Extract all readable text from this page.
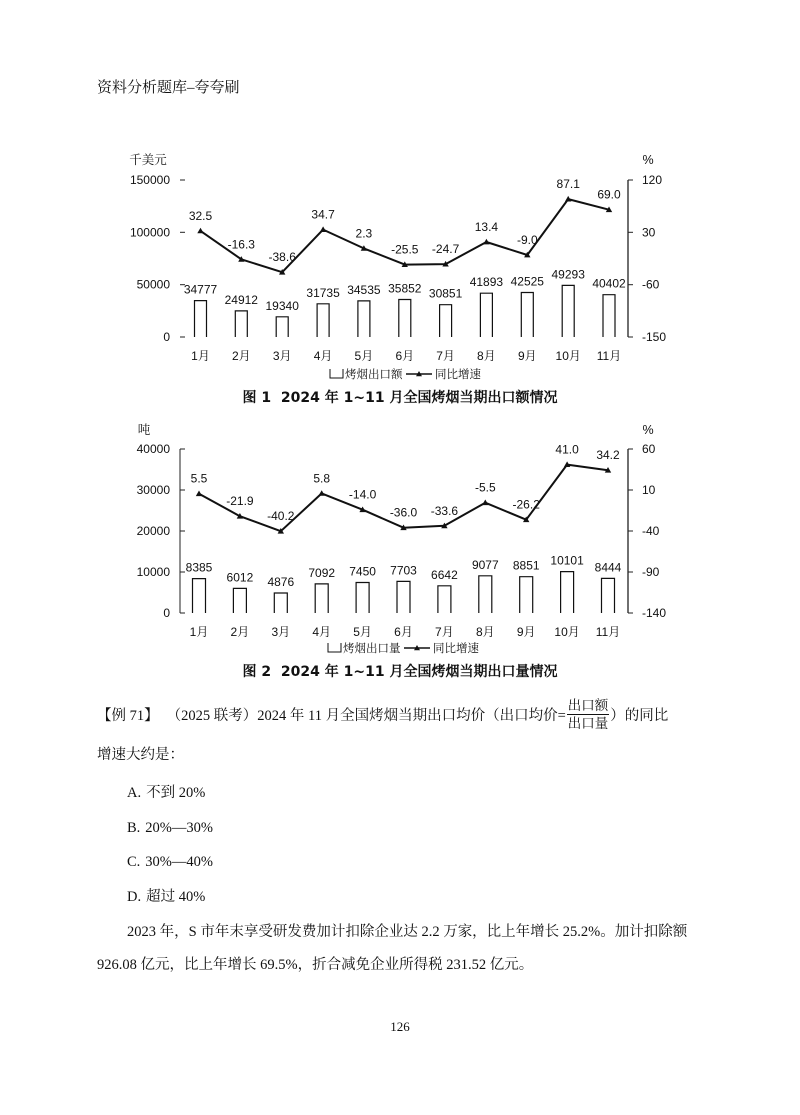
资料分析题库–夸夸刷
千美元	%
0
50000
100000
150000
-150
-60
30
120
34777
24912 19340
31735 34535 35852 30851
41893 42525
49293
40402
32.5
-16.3
-38.6
34.7
2.3
-25.5 -24.7
13.4
-9.0
87.1
69.0
1月 2月 3月 4月 5月 6月 7月 8月 9月 10月 11月
烤烟出口额	同比增速
图 1  2024 年 1~11 月全国烤烟当期出口额情况
吨	%
0
10000
20000
30000
40000
-140
-90
-40
10
60
8385
6012 4876
7092 7450 7703 6642
9077 8851 10101 8444
5.5
-21.9
-40.2
5.8
-14.0
-36.0 -33.6
-5.5
-26.2
41.0 34.2
1月 2月 3月 4月 5月 6月 7月 8月 9月 10月 11月
烤烟出口量	同比增速
图 2  2024 年 1~11 月全国烤烟当期出口量情况
【例 71】 （2025 联考） 2024 年 11 月全国烤烟当期出口均价（出口均价= $\frac{\text{出口额}}{\text{出口量}}$ ）的同比
增速大约是：
A. 不到 20%
B. 20%—30%
C. 30%—40%
D. 超过 40%
2023 年，S 市年末享受研发费加计扣除企业达 2.2 万家，比上年增长 25.2%。加计扣除额
926.08 亿元，比上年增长 69.5%，折合减免企业所得税 231.52 亿元。
126
